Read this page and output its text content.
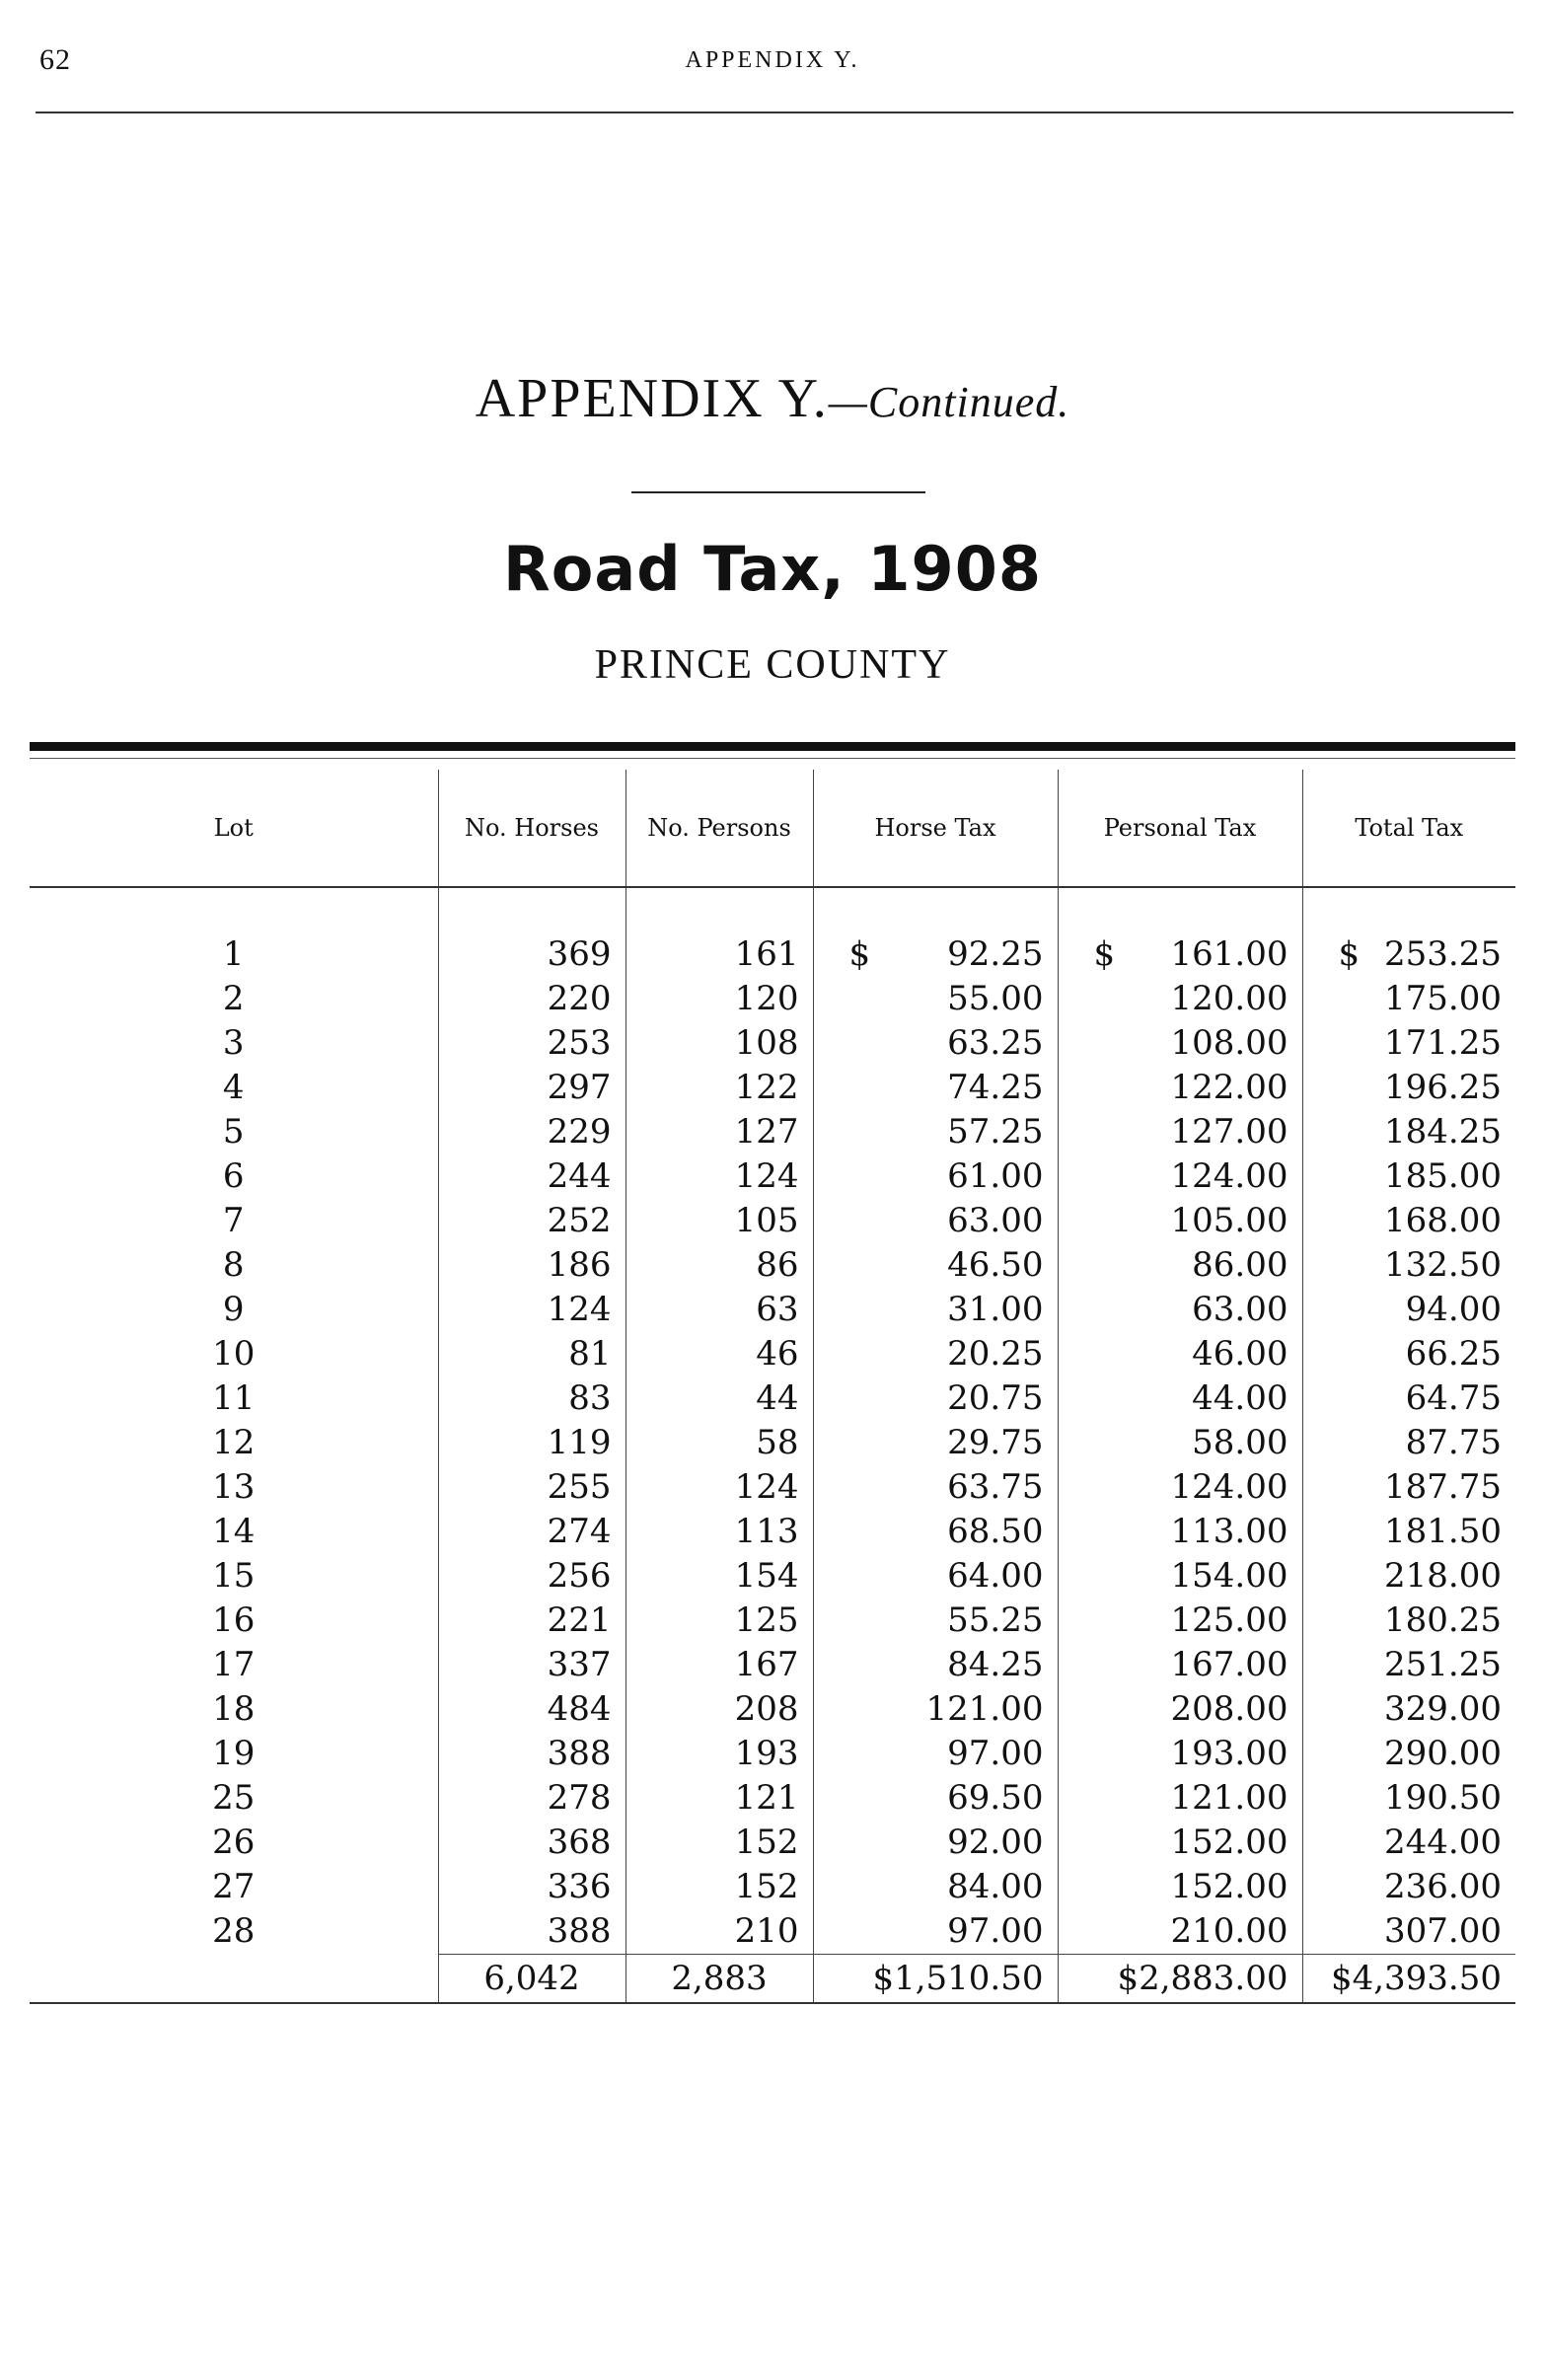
62	APPENDIX Y.
APPENDIX Y.—Continued.
Road Tax, 1908
PRINCE COUNTY
Lot	No. Horses	No. Persons	Horse Tax	Personal Tax	Total Tax

1	369	161	$ 92.25	$ 161.00	$ 253.25
2	220	120	55.00	120.00	175.00
3	253	108	63.25	108.00	171.25
4	297	122	74.25	122.00	196.25
5	229	127	57.25	127.00	184.25
6	244	124	61.00	124.00	185.00
7	252	105	63.00	105.00	168.00
8	186	86	46.50	86.00	132.50
9	124	63	31.00	63.00	94.00
10	81	46	20.25	46.00	66.25
11	83	44	20.75	44.00	64.75
12	119	58	29.75	58.00	87.75
13	255	124	63.75	124.00	187.75
14	274	113	68.50	113.00	181.50
15	256	154	64.00	154.00	218.00
16	221	125	55.25	125.00	180.25
17	337	167	84.25	167.00	251.25
18	484	208	121.00	208.00	329.00
19	388	193	97.00	193.00	290.00
25	278	121	69.50	121.00	190.50
26	368	152	92.00	152.00	244.00
27	336	152	84.00	152.00	236.00
28	388	210	97.00	210.00	307.00
	6,042	2,883	$1,510.50	$2,883.00	$4,393.50
